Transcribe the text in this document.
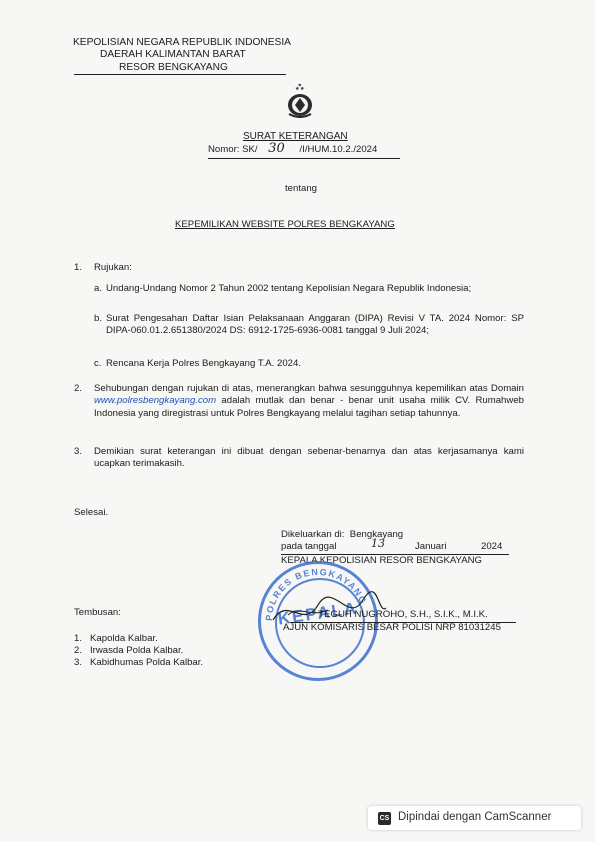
KEPOLISIAN NEGARA REPUBLIK INDONESIA
DAERAH KALIMANTAN BARAT
RESOR BENGKAYANG
★ ★
★
SURAT KETERANGAN
Nomor: SK/ 30 /I/HUM.10.2./2024
tentang
KEPEMILIKAN WEBSITE POLRES BENGKAYANG
1. Rujukan:
a. Undang-Undang Nomor 2 Tahun 2002 tentang Kepolisian Negara Republik Indonesia;
b. Surat Pengesahan Daftar Isian Pelaksanaan Anggaran (DIPA) Revisi V TA. 2024 Nomor: SP DIPA-060.01.2.651380/2024 DS: 6912-1725-6936-0081 tanggal 9 Juli 2024;
c. Rencana Kerja Polres Bengkayang T.A. 2024.
2. Sehubungan dengan rujukan di atas, menerangkan bahwa sesungguhnya kepemilikan atas Domain www.polresbengkayang.com adalah mutlak dan benar - benar unit usaha milik CV. Rumahweb Indonesia yang diregistrasi untuk Polres Bengkayang melalui tagihan setiap tahunnya.
3. Demikian surat keterangan ini dibuat dengan sebenar-benarnya dan atas kerjasamanya kami ucapkan terimakasih.
Selesai.
Dikeluarkan di:  Bengkayang
pada tanggal	13	Januari	2024
KEPALA KEPOLISIAN RESOR BENGKAYANG
POLRES BENGKAYANG
KEPALA
TEGUH NUGROHO, S.H., S.I.K., M.I.K.
AJUN KOMISARIS BESAR POLISI NRP 81031245
Tembusan:
1. Kapolda Kalbar.
2. Irwasda Polda Kalbar.
3. Kabidhumas Polda Kalbar.
CS Dipindai dengan CamScanner
